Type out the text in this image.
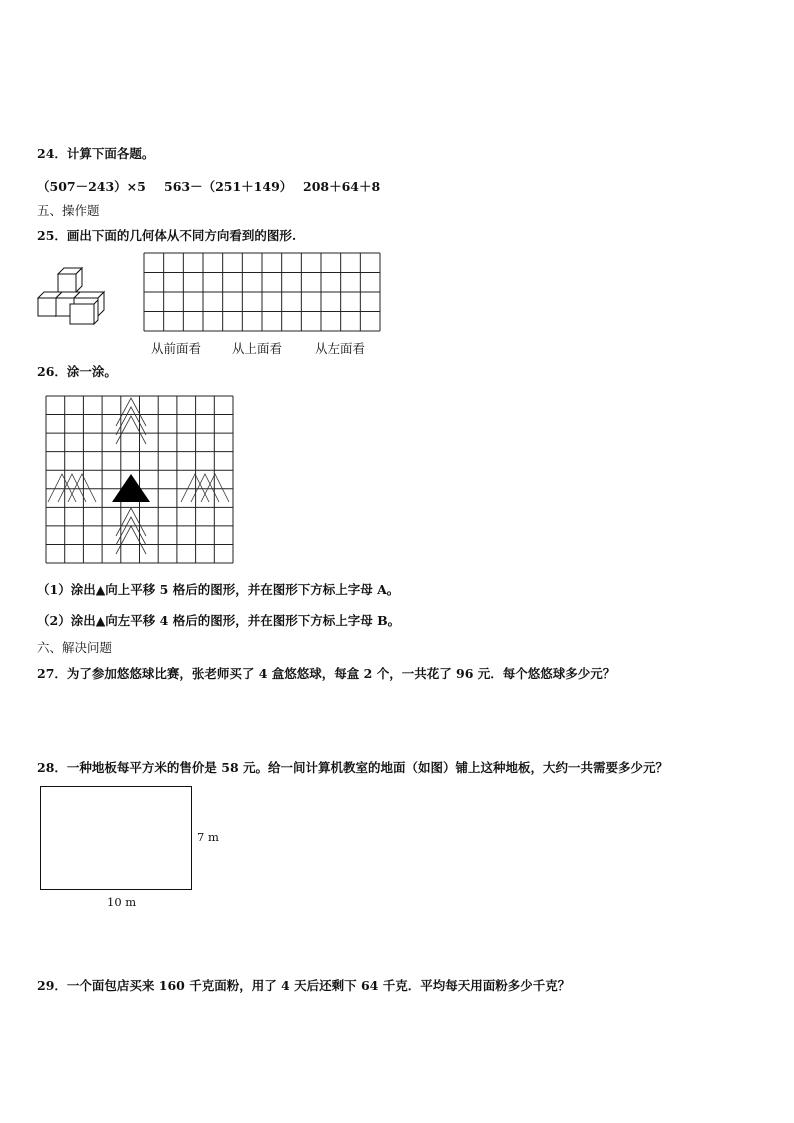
24．计算下面各题。
（507－243）×5 563－（251＋149） 208＋64＋8
五、操作题
25．画出下面的几何体从不同方向看到的图形.
从前面看 从上面看	从左面看
26．涂一涂。
（1）涂出▲向上平移 5 格后的图形，并在图形下方标上字母 A。
（2）涂出▲向左平移 4 格后的图形，并在图形下方标上字母 B。
六、解决问题
27．为了参加悠悠球比赛，张老师买了 4 盒悠悠球，每盒 2 个，一共花了 96 元．每个悠悠球多少元？
28．一种地板每平方米的售价是 58 元。给一间计算机教室的地面（如图）铺上这种地板，大约一共需要多少元？
7 m
10 m
29．一个面包店买来 160 千克面粉，用了 4 天后还剩下 64 千克．平均每天用面粉多少千克？
